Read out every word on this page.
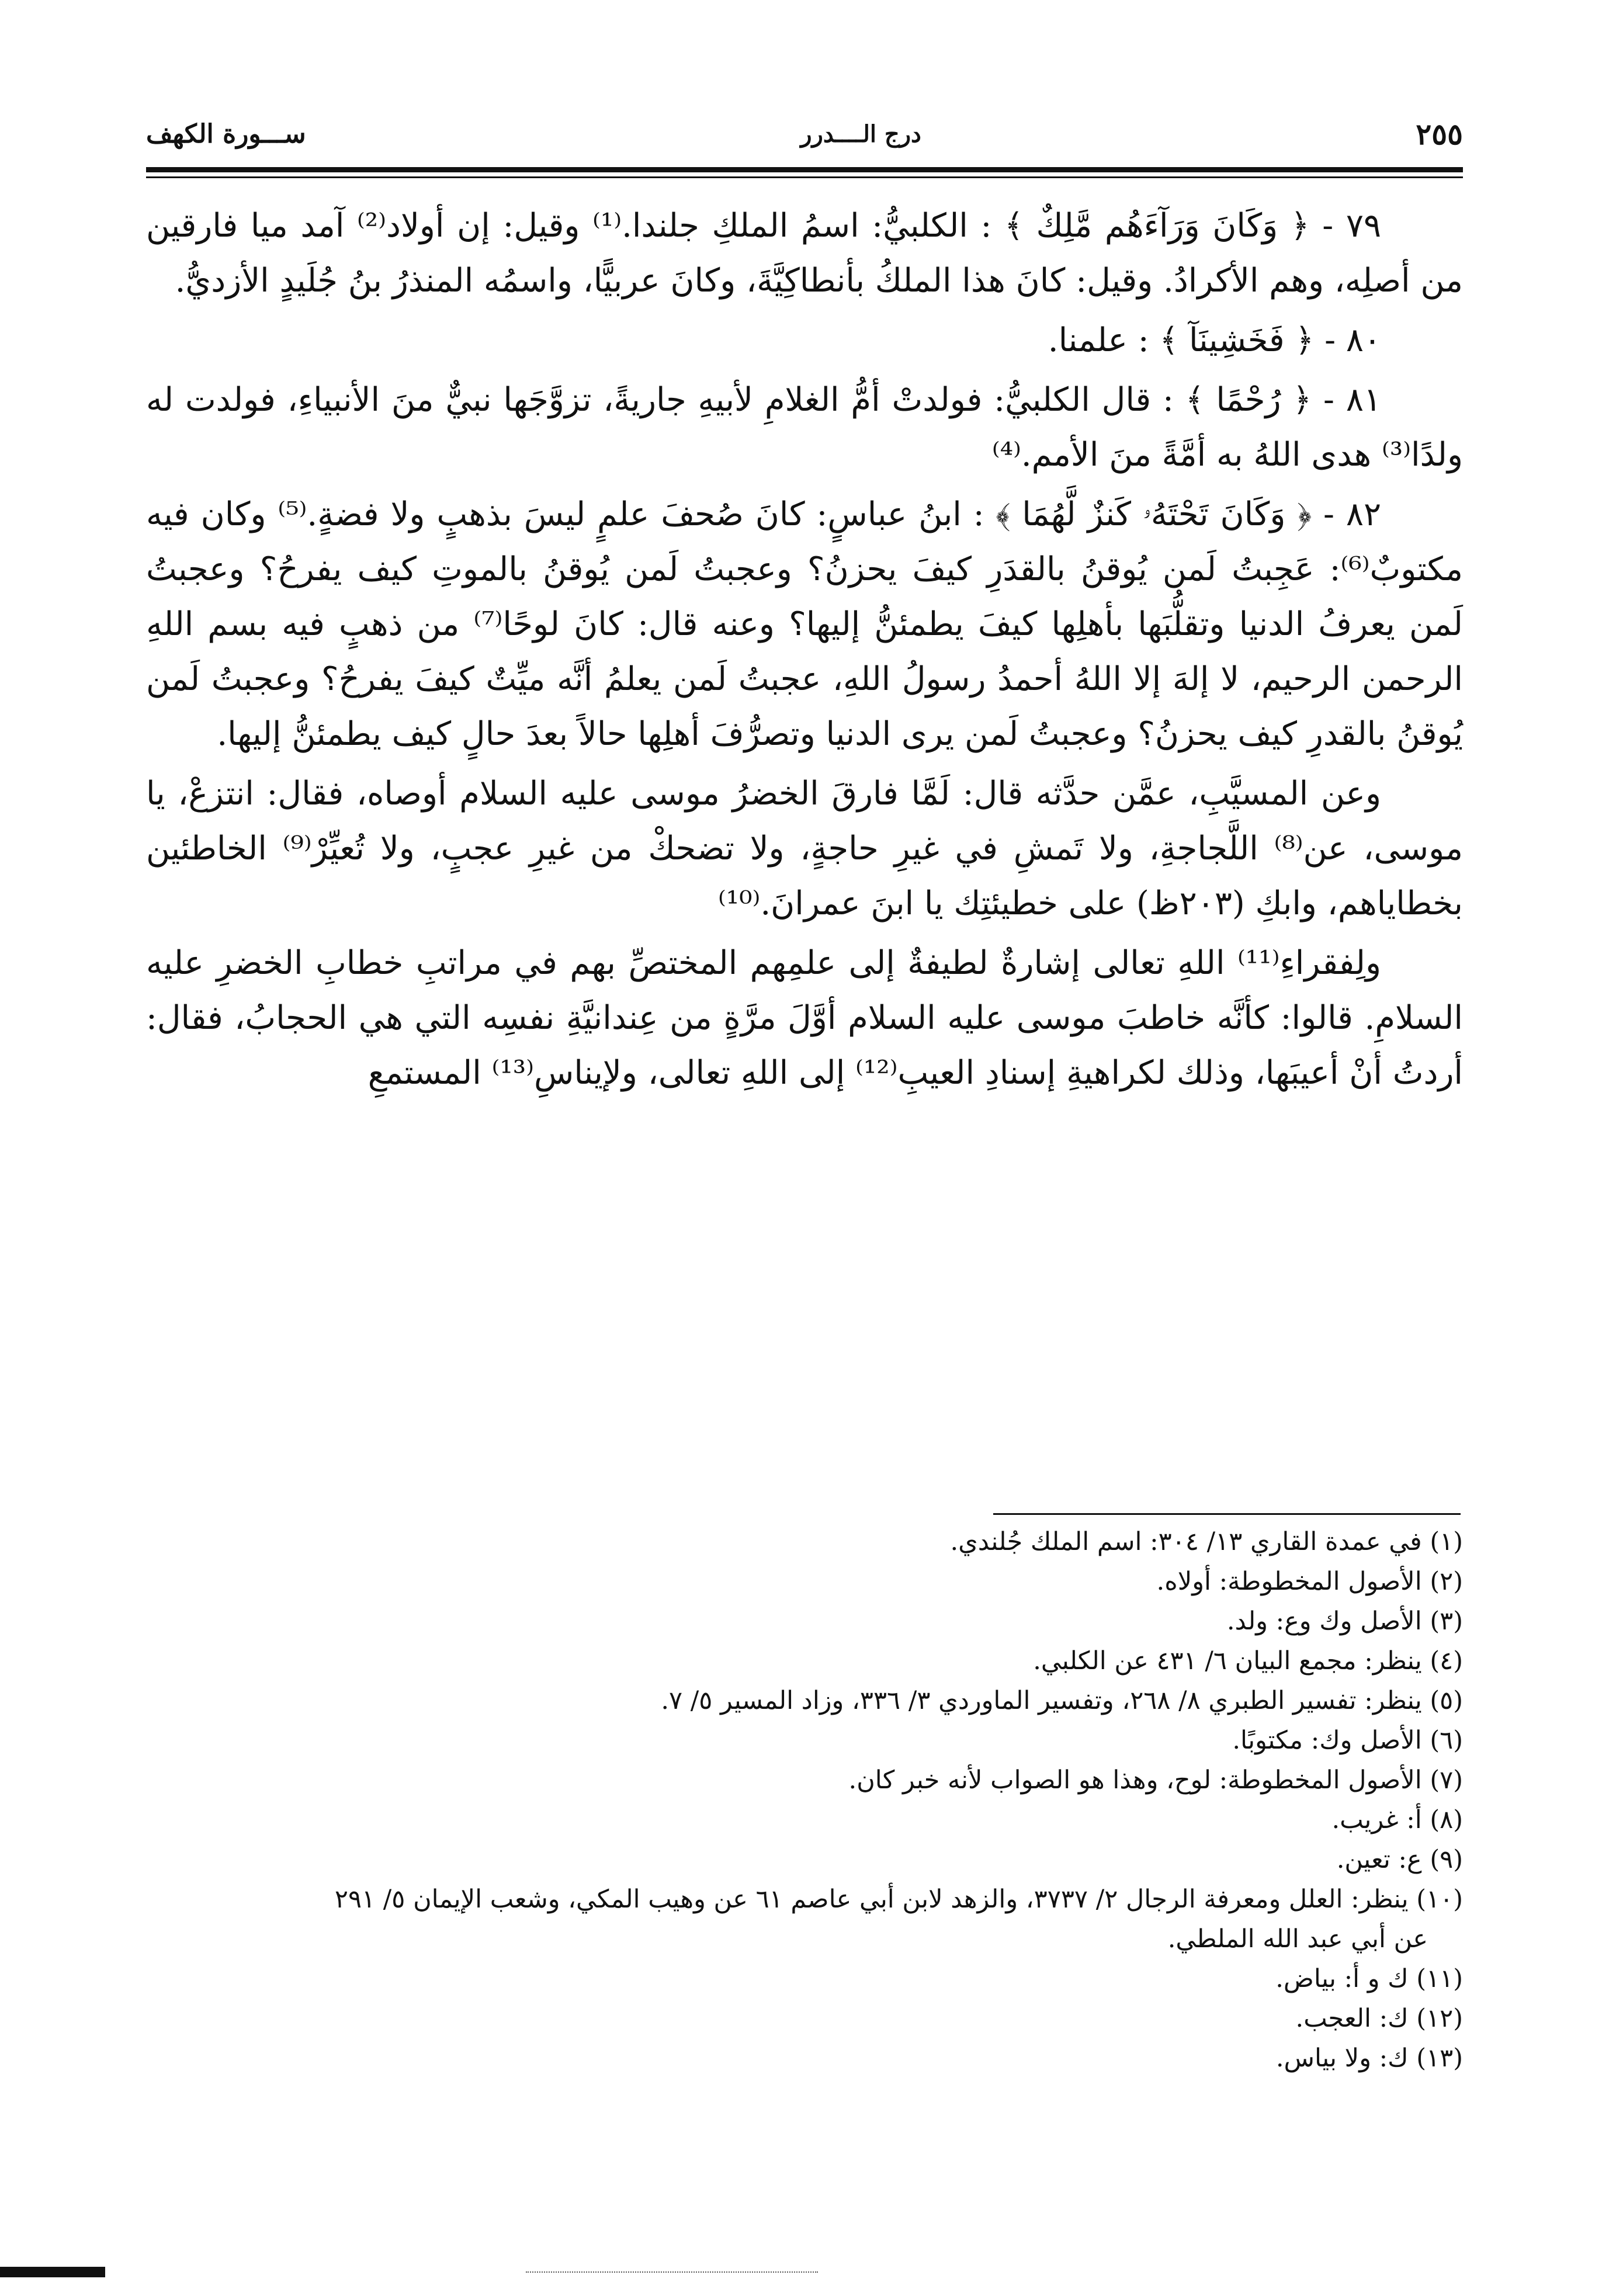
ســـورة الكهف	درج الــــدرر	٢٥٥

٧٩ - ﴿ وَكَانَ وَرَآءَهُم مَّلِكٌ ﴾ : الكلبيُّ: اسمُ الملكِ جلندا.⁽¹⁾ وقيل: إن أولاد⁽²⁾ آمد ميا فارقين من أصلِه، وهم الأكرادُ. وقيل: كانَ هذا الملكُ بأنطاكِيَّةَ، وكانَ عربيًّا، واسمُه المنذرُ بنُ جُلَيدٍ الأزديُّ.

٨٠ - ﴿ فَخَشِينَآ ﴾ : علمنا.

٨١ - ﴿ رُحْمًا ﴾ : قال الكلبيُّ: فولدتْ أمُّ الغلامِ لأبيهِ جاريةً، تزوَّجَها نبيٌّ منَ الأنبياءِ، فولدت له ولدًا⁽³⁾ هدى اللهُ به أمَّةً منَ الأمم.⁽⁴⁾

٨٢ - ﴿ وَكَانَ تَحْتَهُۥ كَنزٌ لَّهُمَا ﴾ : ابنُ عباسٍ: كانَ صُحفَ علمٍ ليسَ بذهبٍ ولا فضةٍ.⁽⁵⁾ وكان فيه مكتوبٌ⁽⁶⁾: عَجِبتُ لَمن يُوقنُ بالقدَرِ كيفَ يحزنُ؟ وعجبتُ لَمن يُوقنُ بالموتِ كيف يفرحُ؟ وعجبتُ لَمن يعرفُ الدنيا وتقلُّبَها بأهلِها كيفَ يطمئنُّ إليها؟ وعنه قال: كانَ لوحًا⁽⁷⁾ من ذهبٍ فيه بسم اللهِ الرحمن الرحيم، لا إلهَ إلا اللهُ أحمدُ رسولُ اللهِ، عجبتُ لَمن يعلمُ أنَّه ميِّتٌ كيفَ يفرحُ؟ وعجبتُ لَمن يُوقنُ بالقدرِ كيف يحزنُ؟ وعجبتُ لَمن يرى الدنيا وتصرُّفَ أهلِها حالاً بعدَ حالٍ كيف يطمئنُّ إليها.

وعن المسيَّبِ، عمَّن حدَّثه قال: لَمَّا فارقَ الخضرُ موسى عليه السلام أوصاه، فقال: انتزعْ، يا موسى، عن⁽⁸⁾ اللَّجاجةِ، ولا تَمشِ في غيرِ حاجةٍ، ولا تضحكْ من غيرِ عجبٍ، ولا تُعيِّرْ⁽⁹⁾ الخاطئين بخطاياهم، وابكِ (٢٠٣ظ) على خطيئتِك يا ابنَ عمرانَ.⁽¹⁰⁾

ولِفقراءِ⁽¹¹⁾ اللهِ تعالى إشارةٌ لطيفةٌ إلى علمِهم المختصِّ بهم في مراتبِ خطابِ الخضرِ عليه السلامِ. قالوا: كأنَّه خاطبَ موسى عليه السلام أوَّلَ مرَّةٍ من عِندانيَّةِ نفسِه التي هي الحجابُ، فقال: أردتُ أنْ أعيبَها، وذلك لكراهيةِ إسنادِ العيبِ⁽¹²⁾ إلى اللهِ تعالى، ولإيناسِ⁽¹³⁾ المستمعِ

(١) في عمدة القاري ١٣/ ٣٠٤: اسم الملك جُلندي.

(٢) الأصول المخطوطة: أولاه.

(٣) الأصل وك وع: ولد.

(٤) ينظر: مجمع البيان ٦/ ٤٣١ عن الكلبي.

(٥) ينظر: تفسير الطبري ٨/ ٢٦٨، وتفسير الماوردي ٣/ ٣٣٦، وزاد المسير ٥/ ٧.

(٦) الأصل وك: مكتوبًا.

(٧) الأصول المخطوطة: لوح، وهذا هو الصواب لأنه خبر كان.

(٨) أ: غريب.

(٩) ع: تعين.

(١٠) ينظر: العلل ومعرفة الرجال ٢/ ٣٧٣٧، والزهد لابن أبي عاصم ٦١ عن وهيب المكي، وشعب الإيمان ٥/ ٢٩١

عن أبي عبد الله الملطي.

(١١) ك و أ: بياض.

(١٢) ك: العجب.

(١٣) ك: ولا بياس.
